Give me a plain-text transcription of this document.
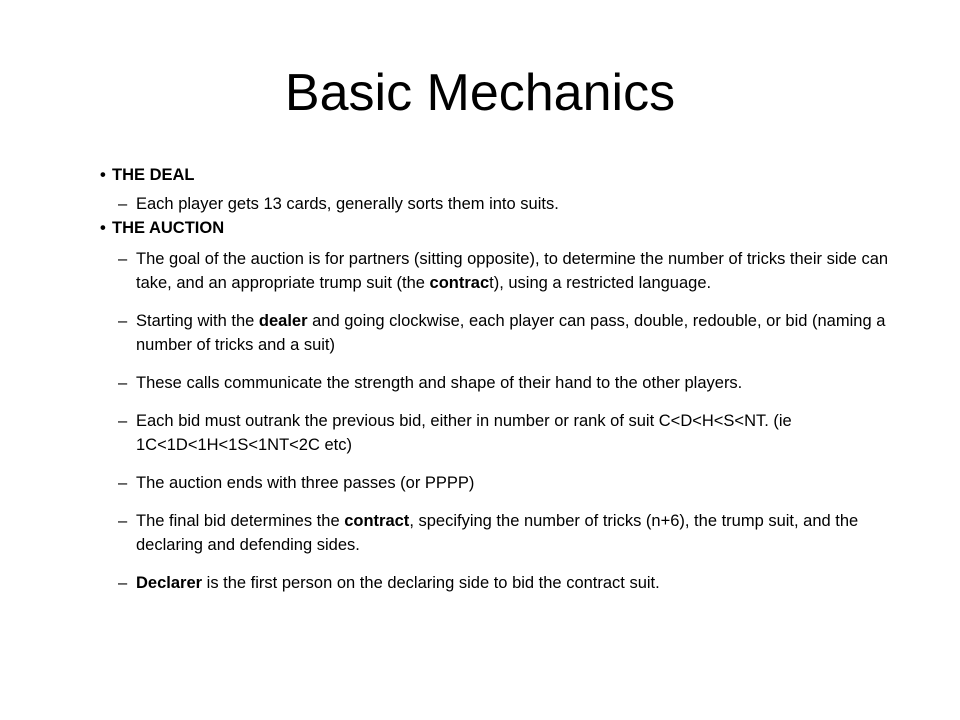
Basic Mechanics
• THE DEAL
– Each player gets 13 cards, generally sorts them into suits.
• THE AUCTION
– The goal of the auction is for partners (sitting opposite), to determine the number of tricks their side can take, and an appropriate trump suit (the contract), using a restricted language.
– Starting with the dealer and going clockwise, each player can pass, double, redouble, or bid (naming a number of tricks and a suit)
– These calls communicate the strength and shape of their hand to the other players.
– Each bid must outrank the previous bid, either in number or rank of suit C<D<H<S<NT. (ie 1C<1D<1H<1S<1NT<2C etc)
– The auction ends with three passes (or PPPP)
– The final bid determines the contract, specifying the number of tricks (n+6), the trump suit, and the declaring and defending sides.
– Declarer is the first person on the declaring side to bid the contract suit.
